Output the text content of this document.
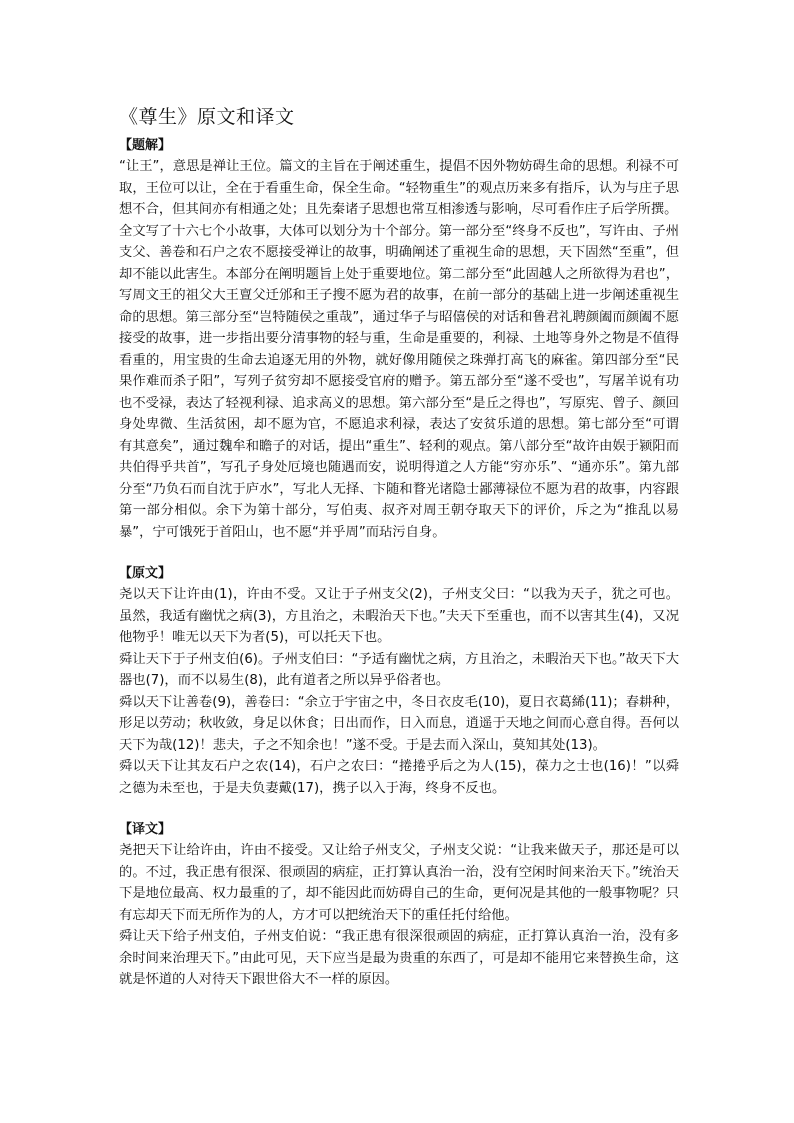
《尊生》原文和译文
【题解】

“让王”，意思是禅让王位。篇文的主旨在于阐述重生，提倡不因外物妨碍生命的思想。利禄不可取，王位可以让，全在于看重生命，保全生命。“轻物重生”的观点历来多有指斥，认为与庄子思想不合，但其间亦有相通之处；且先秦诸子思想也常互相渗透与影响，尽可看作庄子后学所撰。

全文写了十六七个小故事，大体可以划分为十个部分。第一部分至“终身不反也”，写许由、子州支父、善卷和石户之农不愿接受禅让的故事，明确阐述了重视生命的思想，天下固然“至重”，但却不能以此害生。本部分在阐明题旨上处于重要地位。第二部分至“此固越人之所欲得为君也”，写周文王的祖父大王亶父迁邠和王子搜不愿为君的故事，在前一部分的基础上进一步阐述重视生命的思想。第三部分至“岂特随侯之重哉”，通过华子与昭僖侯的对话和鲁君礼聘颜阖而颜阖不愿接受的故事，进一步指出要分清事物的轻与重，生命是重要的，利禄、土地等身外之物是不值得看重的，用宝贵的生命去追逐无用的外物，就好像用随侯之珠弹打高飞的麻雀。第四部分至“民果作难而杀子阳”，写列子贫穷却不愿接受官府的赠予。第五部分至“遂不受也”，写屠羊说有功也不受禄，表达了轻视利禄、追求高义的思想。第六部分至“是丘之得也”，写原宪、曾子、颜回身处卑微、生活贫困，却不愿为官，不愿追求利禄，表达了安贫乐道的思想。第七部分至“可谓有其意矣”，通过魏牟和瞻子的对话，提出“重生”、轻利的观点。第八部分至“故许由娱于颍阳而共伯得乎共首”，写孔子身处厄境也随遇而安，说明得道之人方能“穷亦乐”、“通亦乐”。第九部分至“乃负石而自沈于庐水”，写北人无择、卞随和瞀光诸隐士鄙薄禄位不愿为君的故事，内容跟第一部分相似。余下为第十部分，写伯夷、叔齐对周王朝夺取天下的评价，斥之为“推乱以易暴”，宁可饿死于首阳山，也不愿“并乎周”而玷污自身。

【原文】

尧以天下让许由(1)，许由不受。又让于子州支父(2)，子州支父曰：“以我为天子，犹之可也。虽然，我适有幽忧之病(3)，方且治之，未暇治天下也。”夫天下至重也，而不以害其生(4)，又况他物乎！唯无以天下为者(5)，可以托天下也。

舜让天下于子州支伯(6)。子州支伯曰：“予适有幽忧之病，方且治之，未暇治天下也。”故天下大器也(7)，而不以易生(8)，此有道者之所以异乎俗者也。

舜以天下让善卷(9)，善卷曰：“余立于宇宙之中，冬日衣皮毛(10)，夏日衣葛絺(11)；春耕种，形足以劳动；秋收敛，身足以休食；日出而作，日入而息，逍遥于天地之间而心意自得。吾何以天下为哉(12)！悲夫，子之不知余也！”遂不受。于是去而入深山，莫知其处(13)。

舜以天下让其友石户之农(14)，石户之农曰：“捲捲乎后之为人(15)，葆力之士也(16)！”以舜之德为未至也，于是夫负妻戴(17)，携子以入于海，终身不反也。

【译文】

尧把天下让给许由，许由不接受。又让给子州支父，子州支父说：“让我来做天子，那还是可以的。不过，我正患有很深、很顽固的病症，正打算认真治一治，没有空闲时间来治天下。”统治天下是地位最高、权力最重的了，却不能因此而妨碍自己的生命，更何况是其他的一般事物呢？只有忘却天下而无所作为的人，方才可以把统治天下的重任托付给他。

舜让天下给子州支伯，子州支伯说：“我正患有很深很顽固的病症，正打算认真治一治，没有多余时间来治理天下。”由此可见，天下应当是最为贵重的东西了，可是却不能用它来替换生命，这就是怀道的人对待天下跟世俗大不一样的原因。
